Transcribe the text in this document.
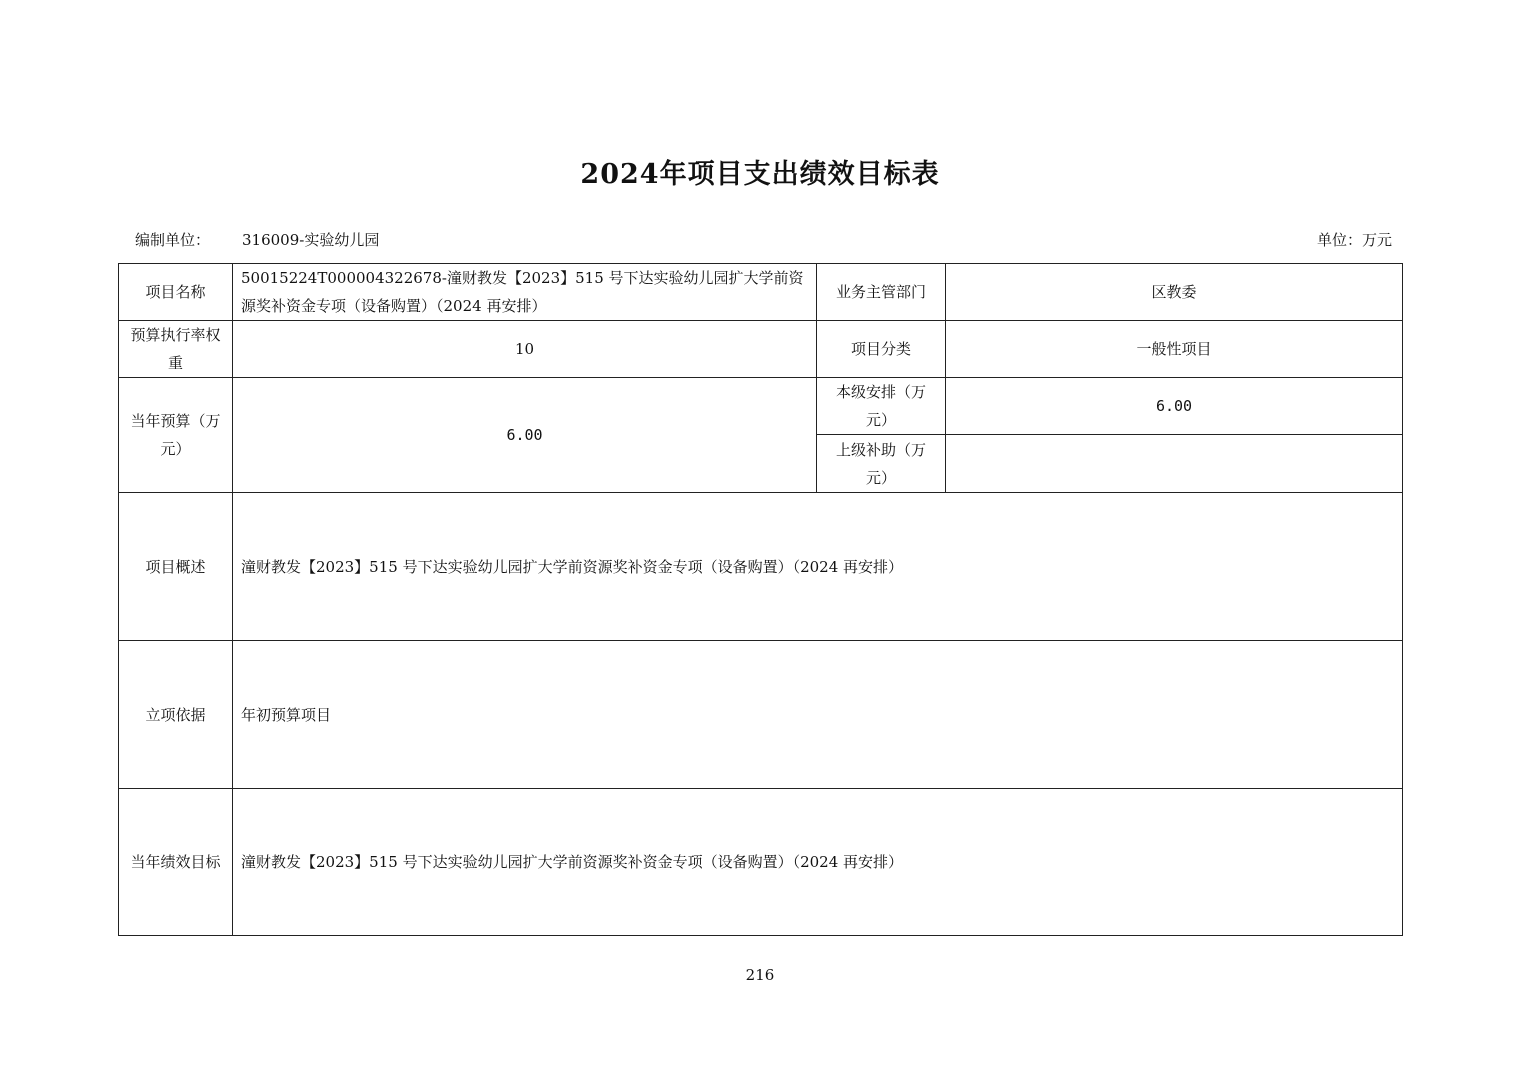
2024年项目支出绩效目标表
编制单位：	316009-实验幼儿园	单位：万元
项目名称	50015224T000004322678-潼财教发【2023】515 号下达实验幼儿园扩大学前资源奖补资金专项（设备购置）（2024 再安排）	业务主管部门	区教委
预算执行率权重	10	项目分类	一般性项目
当年预算（万元）	6.00	本级安排（万元）	6.00
		上级补助（万元）	
项目概述	潼财教发【2023】515 号下达实验幼儿园扩大学前资源奖补资金专项（设备购置）（2024 再安排）		
立项依据	年初预算项目		
当年绩效目标	潼财教发【2023】515 号下达实验幼儿园扩大学前资源奖补资金专项（设备购置）（2024 再安排）		
216
